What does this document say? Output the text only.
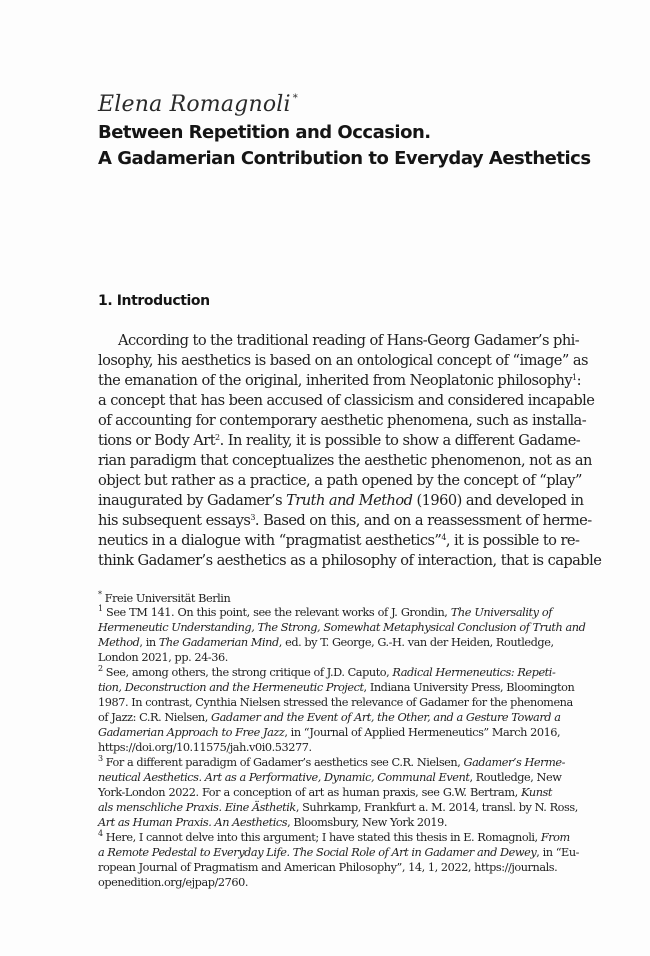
Elena Romagnoli *
Between Repetition and Occasion.
A Gadamerian Contribution to Everyday Aesthetics
1. Introduction
According to the traditional reading of Hans-Georg Gadamer’s phi-
losophy, his aesthetics is based on an ontological concept of “image” as
the emanation of the original, inherited from Neoplatonic philosophy$^1$:
a concept that has been accused of classicism and considered incapable
of accounting for contemporary aesthetic phenomena, such as installa-
tions or Body Art$^2$. In reality, it is possible to show a different Gadame-
rian paradigm that conceptualizes the aesthetic phenomenon, not as an
object but rather as a practice, a path opened by the concept of “play”
inaugurated by Gadamer’s Truth and Method (1960) and developed in
his subsequent essays$^3$. Based on this, and on a reassessment of herme-
neutics in a dialogue with “pragmatist aesthetics”$^4$, it is possible to re-
think Gadamer’s aesthetics as a philosophy of interaction, that is capable
* Freie Universität Berlin
$^1$ See TM 141. On this point, see the relevant works of J. Grondin, The Universality of
Hermeneutic Understanding, The Strong, Somewhat Metaphysical Conclusion of Truth and
Method, in The Gadamerian Mind, ed. by T. George, G.-H. van der Heiden, Routledge,
London 2021, pp. 24-36.
$^2$ See, among others, the strong critique of J.D. Caputo, Radical Hermeneutics: Repeti-
tion, Deconstruction and the Hermeneutic Project, Indiana University Press, Bloomington
1987. In contrast, Cynthia Nielsen stressed the relevance of Gadamer for the phenomena
of Jazz: C.R. Nielsen, Gadamer and the Event of Art, the Other, and a Gesture Toward a
Gadamerian Approach to Free Jazz, in “Journal of Applied Hermeneutics” March 2016,
https://doi.org/10.11575/jah.v0i0.53277.
$^3$ For a different paradigm of Gadamer’s aesthetics see C.R. Nielsen, Gadamer’s Herme-
neutical Aesthetics. Art as a Performative, Dynamic, Communal Event, Routledge, New
York-London 2022. For a conception of art as human praxis, see G.W. Bertram, Kunst
als menschliche Praxis. Eine Ästhetik, Suhrkamp, Frankfurt a. M. 2014, transl. by N. Ross,
Art as Human Praxis. An Aesthetics, Bloomsbury, New York 2019.
$^4$ Here, I cannot delve into this argument; I have stated this thesis in E. Romagnoli, From
a Remote Pedestal to Everyday Life. The Social Role of Art in Gadamer and Dewey, in “Eu-
ropean Journal of Pragmatism and American Philosophy”, 14, 1, 2022, https://journals.
openedition.org/ejpap/2760.
